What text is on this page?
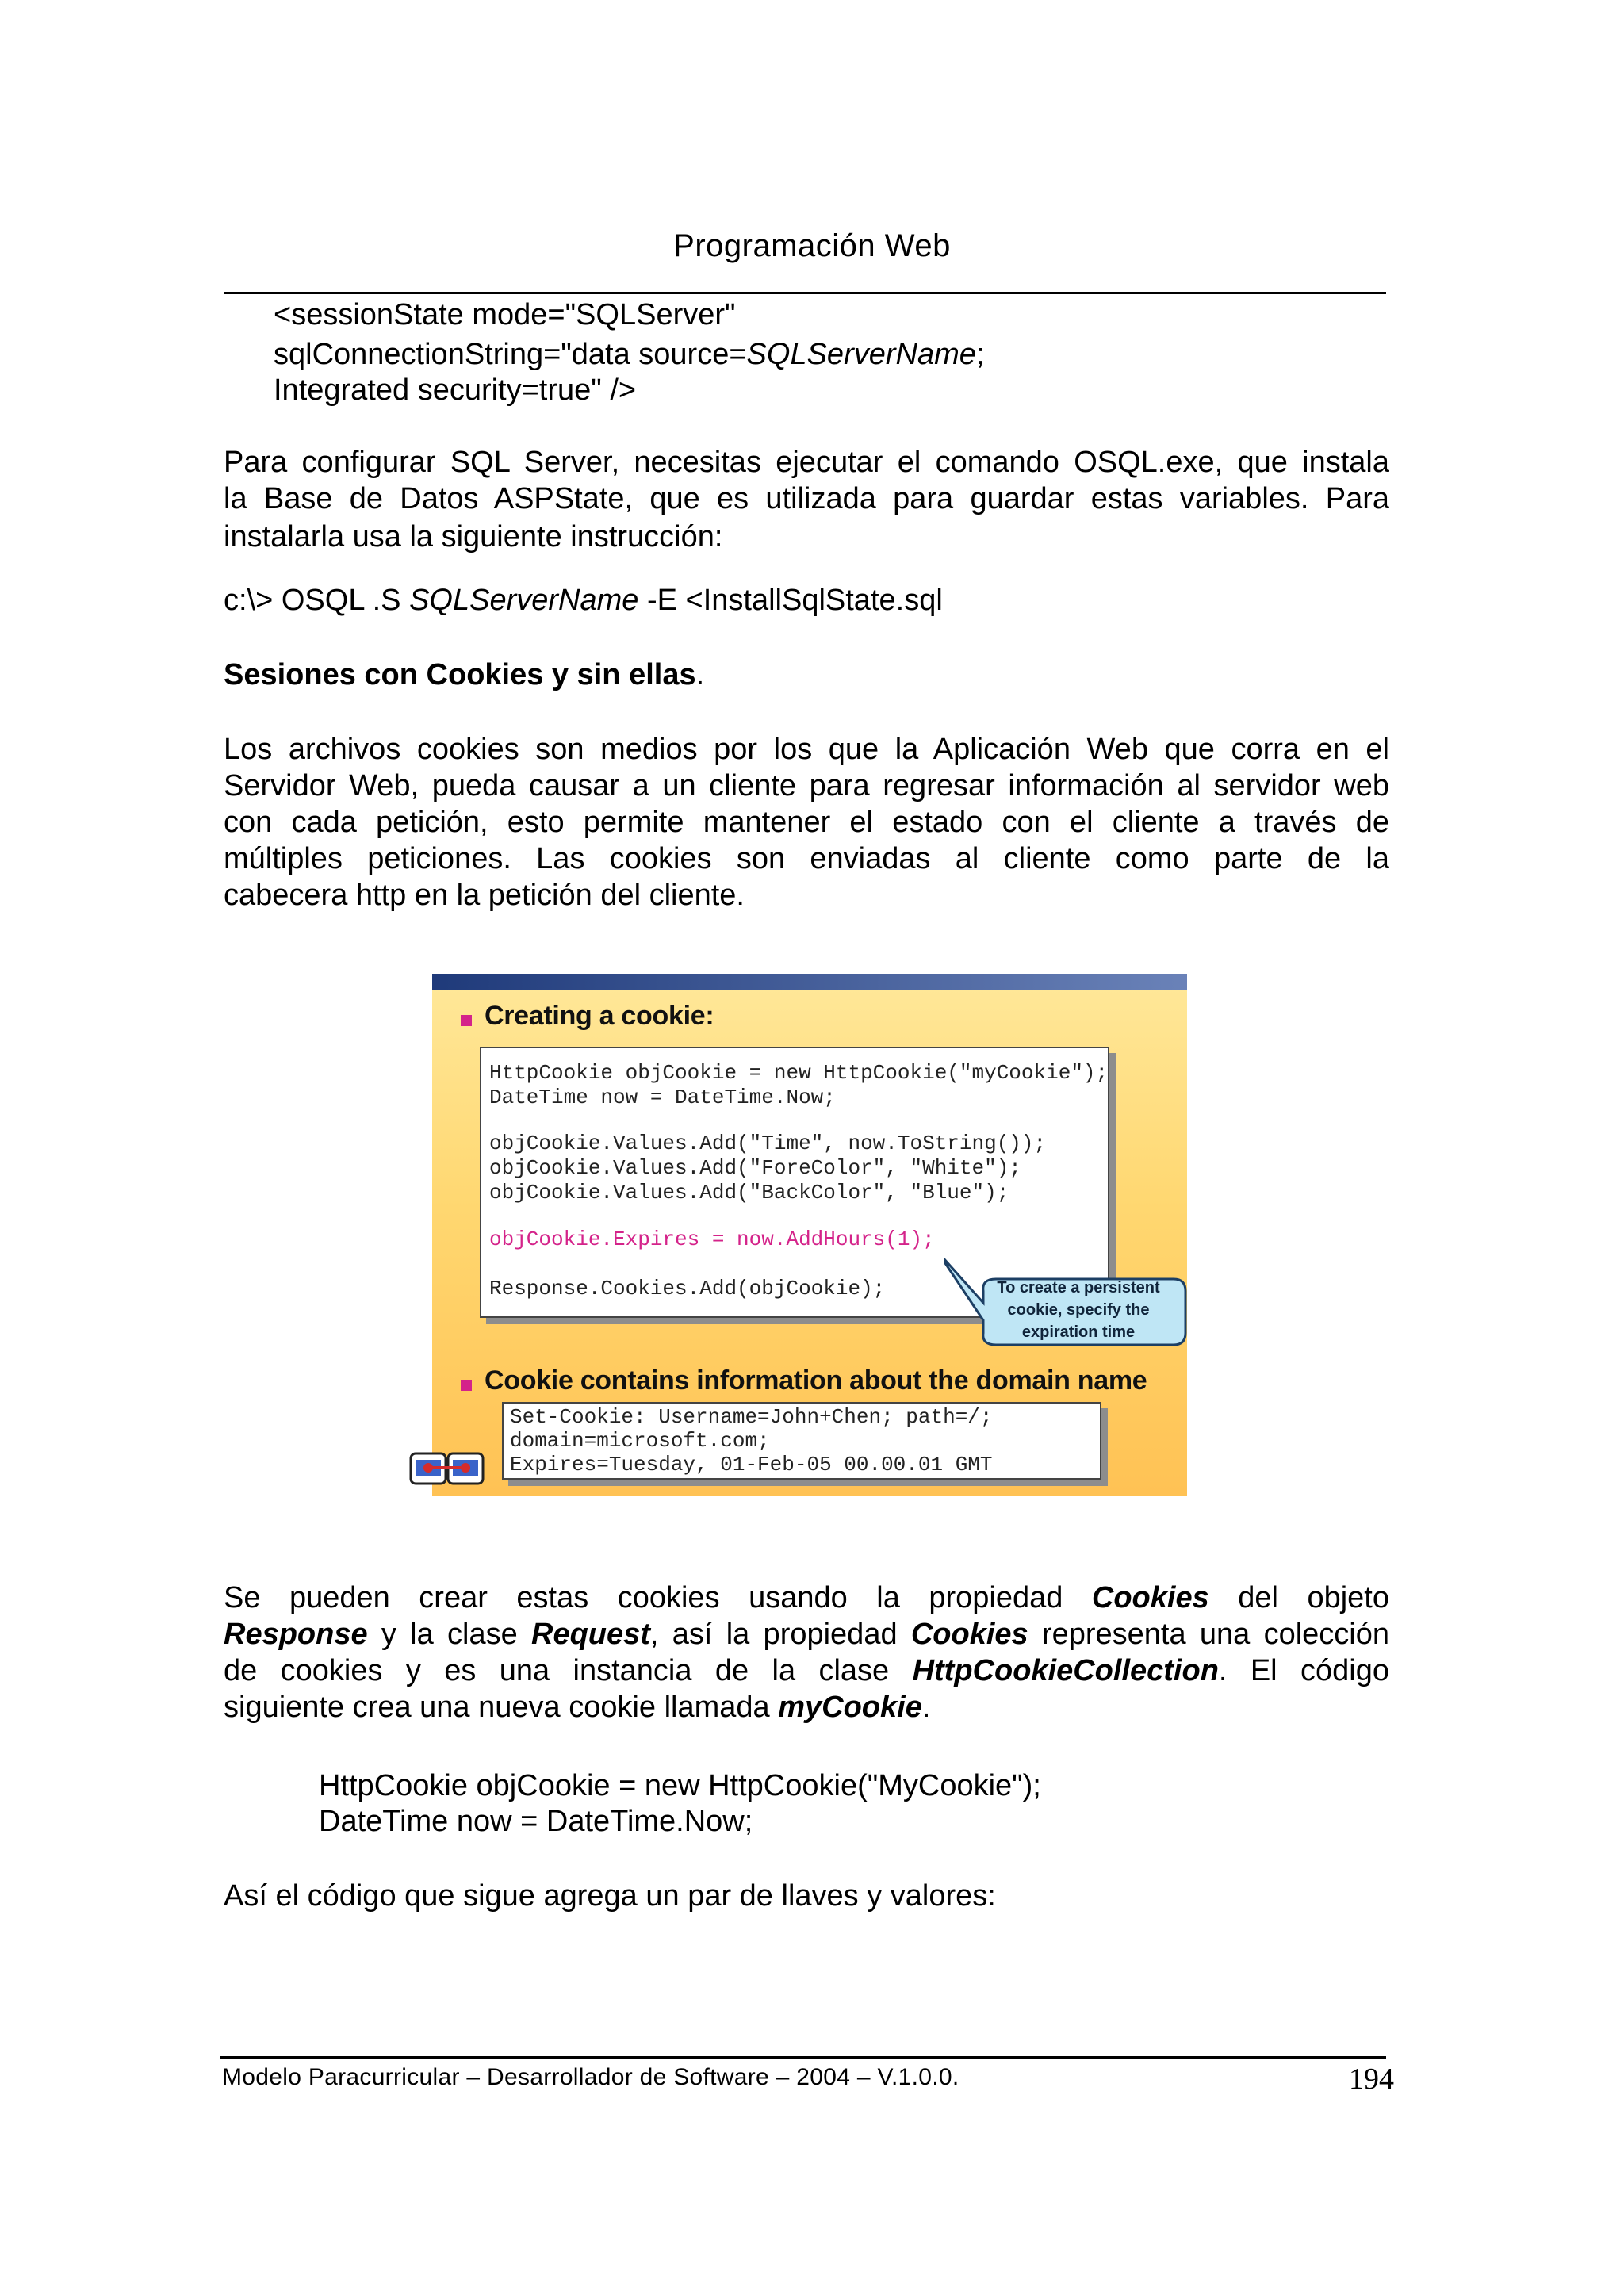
Programación Web
<sessionState mode="SQLServer"
sqlConnectionString="data source=SQLServerName;
Integrated security=true" />

Para configurar SQL Server, necesitas ejecutar el comando OSQL.exe, que instala

la Base de Datos ASPState, que es utilizada para guardar estas variables. Para

instalarla usa la siguiente instrucción:

c:\> OSQL .S SQLServerName -E <InstallSqlState.sql
Sesiones con Cookies y sin ellas.

Los archivos cookies son medios por los que la Aplicación Web que corra en el

Servidor Web, pueda causar a un cliente para regresar información al servidor web

con cada petición, esto permite mantener el estado con el cliente a través de

múltiples peticiones. Las cookies son enviadas al cliente como parte de la

cabecera http en la petición del cliente.

Creating a cookie:
HttpCookie objCookie = new HttpCookie("myCookie");
DateTime now = DateTime.Now;
objCookie.Values.Add("Time", now.ToString());
objCookie.Values.Add("ForeColor", "White");
objCookie.Values.Add("BackColor", "Blue");
objCookie.Expires = now.AddHours(1);
Response.Cookies.Add(objCookie);	To create a persistent
cookie, specify the
expiration time
Cookie contains information about the domain name
Set-Cookie: Username=John+Chen; path=/;
domain=microsoft.com;
Expires=Tuesday, 01-Feb-05 00.00.01 GMT

Se pueden crear estas cookies usando la propiedad Cookies del objeto

Response y la clase Request, así la propiedad Cookies representa una colección

de cookies y es una instancia de la clase HttpCookieCollection. El código

siguiente crea una nueva cookie llamada myCookie.

HttpCookie objCookie = new HttpCookie("MyCookie");
DateTime now = DateTime.Now;

Así el código que sigue agrega un par de llaves y valores:

Modelo Paracurricular – Desarrollador de Software – 2004 – V.1.0.0.	194
